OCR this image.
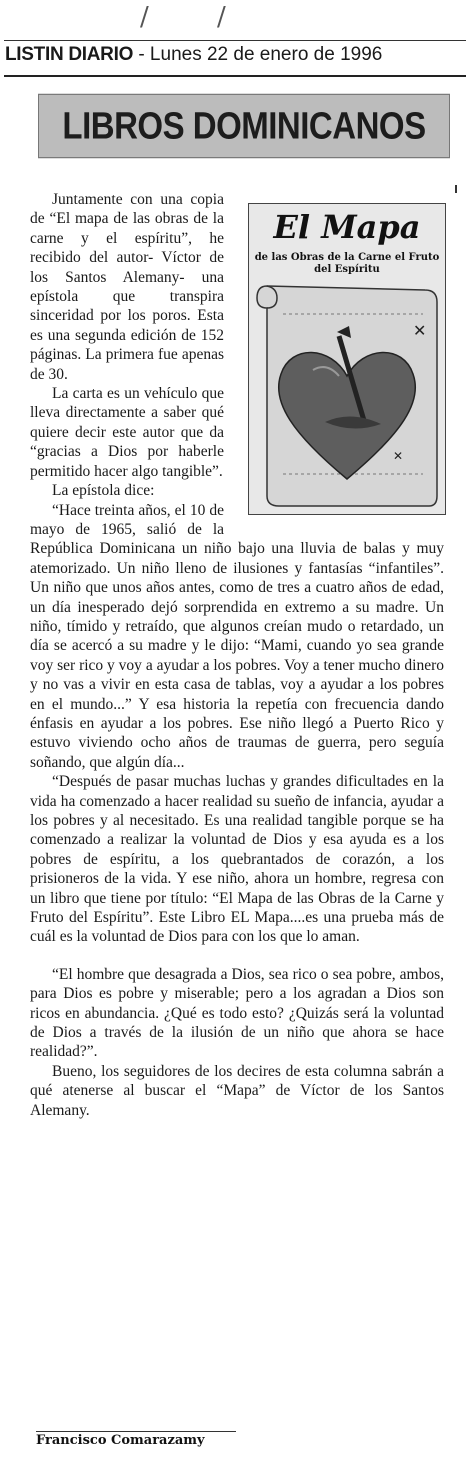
/ /
LISTIN DIARIO - Lunes 22 de enero de 1996
LIBROS DOMINICANOS
El Mapa
de las Obras de la Carne el Fruto del Espíritu
✕
✕

Juntamente con una copia de “El mapa de las obras de la carne y el espíritu”, he recibido del autor- Víctor de los Santos Alemany- una epístola que transpira sinceridad por los poros. Esta es una segunda edición de 152 páginas. La primera fue apenas de 30.

La carta es un vehículo que lleva directamente a saber qué quiere decir este autor que da “gracias a Dios por haberle permitido hacer algo tangible”.

La epístola dice:

“Hace treinta años, el 10 de mayo de 1965, salió de la República Dominicana un niño bajo una lluvia de balas y muy atemorizado. Un niño lleno de ilusiones y fantasías “infantiles”. Un niño que unos años antes, como de tres a cuatro años de edad, un día inesperado dejó sorprendida en extremo a su madre. Un niño, tímido y retraído, que algunos creían mudo o retardado, un día se acercó a su madre y le dijo: “Mami, cuando yo sea grande voy ser rico y voy a ayudar a los pobres. Voy a tener mucho dinero y no vas a vivir en esta casa de tablas, voy a ayudar a los pobres en el mundo...” Y esa historia la repetía con frecuencia dando énfasis en ayudar a los pobres. Ese niño llegó a Puerto Rico y estuvo viviendo ocho años de traumas de guerra, pero seguía soñando, que algún día...

“Después de pasar muchas luchas y grandes dificultades en la vida ha comenzado a hacer realidad su sueño de infancia, ayudar a los pobres y al necesitado. Es una realidad tangible porque se ha comenzado a realizar la voluntad de Dios y esa ayuda es a los pobres de espíritu, a los quebrantados de corazón, a los prisioneros de la vida. Y ese niño, ahora un hombre, regresa con un libro que tiene por título: “El Mapa de las Obras de la Carne y Fruto del Espíritu”. Este Libro EL Mapa....es una prueba más de cuál es la voluntad de Dios para con los que lo aman.

“El hombre que desagrada a Dios, sea rico o sea pobre, ambos, para Dios es pobre y miserable; pero a los agradan a Dios son ricos en abundancia. ¿Qué es todo esto? ¿Quizás será la voluntad de Dios a través de la ilusión de un niño que ahora se hace realidad?”.

Bueno, los seguidores de los decires de esta columna sabrán a qué atenerse al buscar el “Mapa” de Víctor de los Santos Alemany.

Francisco Comarazamy
